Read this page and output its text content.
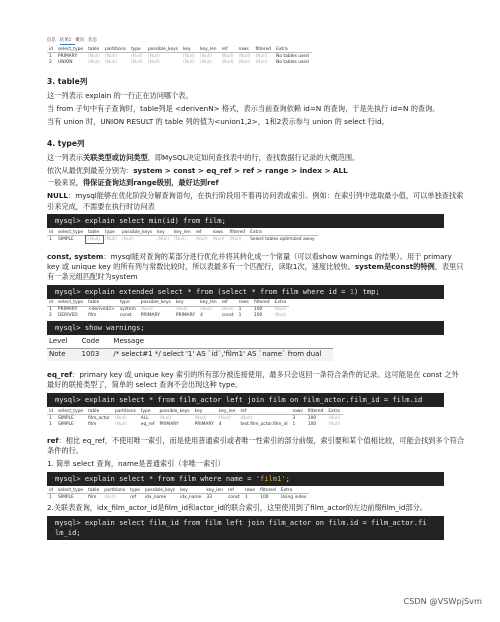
信息 结果1 概况 状态
id	select_type	table	partitions	type	possible_keys	key	key_len	ref	rows	filtered	Extra
1	PRIMARY	(Null)	(Null)	(Null)	(Null)	(Null)	(Null)	(Null)	(Null)	(Null)	No tables used
2	UNION	(Null)	(Null)	(Null)	(Null)	(Null)	(Null)	(Null)	(Null)	(Null)	No tables used
3. table列

这一列表示 explain 的一行正在访问哪个表。

当 from 子句中有子查询时，table列是 <derivenN> 格式，表示当前查询依赖 id=N 的查询，于是先执行 id=N 的查询。

当有 union 时，UNION RESULT 的 table 列的值为<union1,2>，1和2表示参与 union 的 select 行id。

4. type列

这一列表示关联类型或访问类型，即MySQL决定如何查找表中的行，查找数据行记录的大概范围。

依次从最优到最差分别为：system > const > eq_ref > ref > range > index > ALL

一般来说，得保证查询达到range级别，最好达到ref

NULL：mysql能够在优化阶段分解查询语句，在执行阶段用不着再访问表或索引。例如：在索引列中选取最小值，可以单独查找索引来完成，不需要在执行时访问表

mysql> explain select min(id) from film;
id	select_type	table	type	possible_keys	key	key_len	ref	rows	filtered	Extra
1	SIMPLE	(Null)	(Null)	(Null)	(Null)	(Null)	(Null)	(Null)	(Null)	Select tables optimized away

const, system：mysql能对查询的某部分进行优化并将其转化成一个常量（可以看show warnings 的结果）。用于 primary key 或 unique key 的所有列与常数比较时，所以表最多有一个匹配行，读取1次，速度比较快。system是const的特例，表里只有一条元组匹配时为system

mysql> explain extended select * from (select * from film where id = 1) tmp;
id	select_type	table	type	possible_keys	key	key_len	ref	rows	filtered	Extra
1	PRIMARY	<derived2>	system	(Null)	(Null)	(Null)	(Null)	1	100	(Null)
2	DERIVED	film	const	PRIMARY	PRIMARY	4	const	1	100	(Null)
mysql> show warnings;
Level	Code	Message
Note	1003	/* select#1 */ select '1' AS `id`,'film1' AS `name` from dual

eq_ref：primary key 或 unique key 索引的所有部分被连接使用，最多只会返回一条符合条件的记录。这可能是在 const 之外最好的联接类型了，简单的 select 查询不会出现这种 type。

mysql> explain select * from film_actor left join film on film_actor.film_id = film.id
id	select_type	table	partitions	type	possible_keys	key	key_len	ref	rows	filtered	Extra
1	SIMPLE	film_actor	(Null)	ALL	(Null)	(Null)	(Null)	(Null)	3	100	(Null)
1	SIMPLE	film	(Null)	eq_ref	PRIMARY	PRIMARY	4	test.film_actor.film_id	1	100	(Null)

ref：相比 eq_ref，不使用唯一索引，而是使用普通索引或者唯一性索引的部分前缀，索引要和某个值相比较，可能会找到多个符合条件的行。

1. 简单 select 查询，name是普通索引（非唯一索引）

mysql> explain select * from film where name = 'film1';
id	select_type	table	partitions	type	possible_keys	key	key_len	ref	rows	filtered	Extra
1	SIMPLE	film	(Null)	ref	idx_name	idx_name	33	const	1	100	Using index

2.关联表查询，idx_film_actor_id是film_id和actor_id的联合索引，这里使用到了film_actor的左边前缀film_id部分。

mysql> explain select film_id from film left join film_actor on film.id = film_actor.fi
lm_id;
CSDN @VSWpjSvm
